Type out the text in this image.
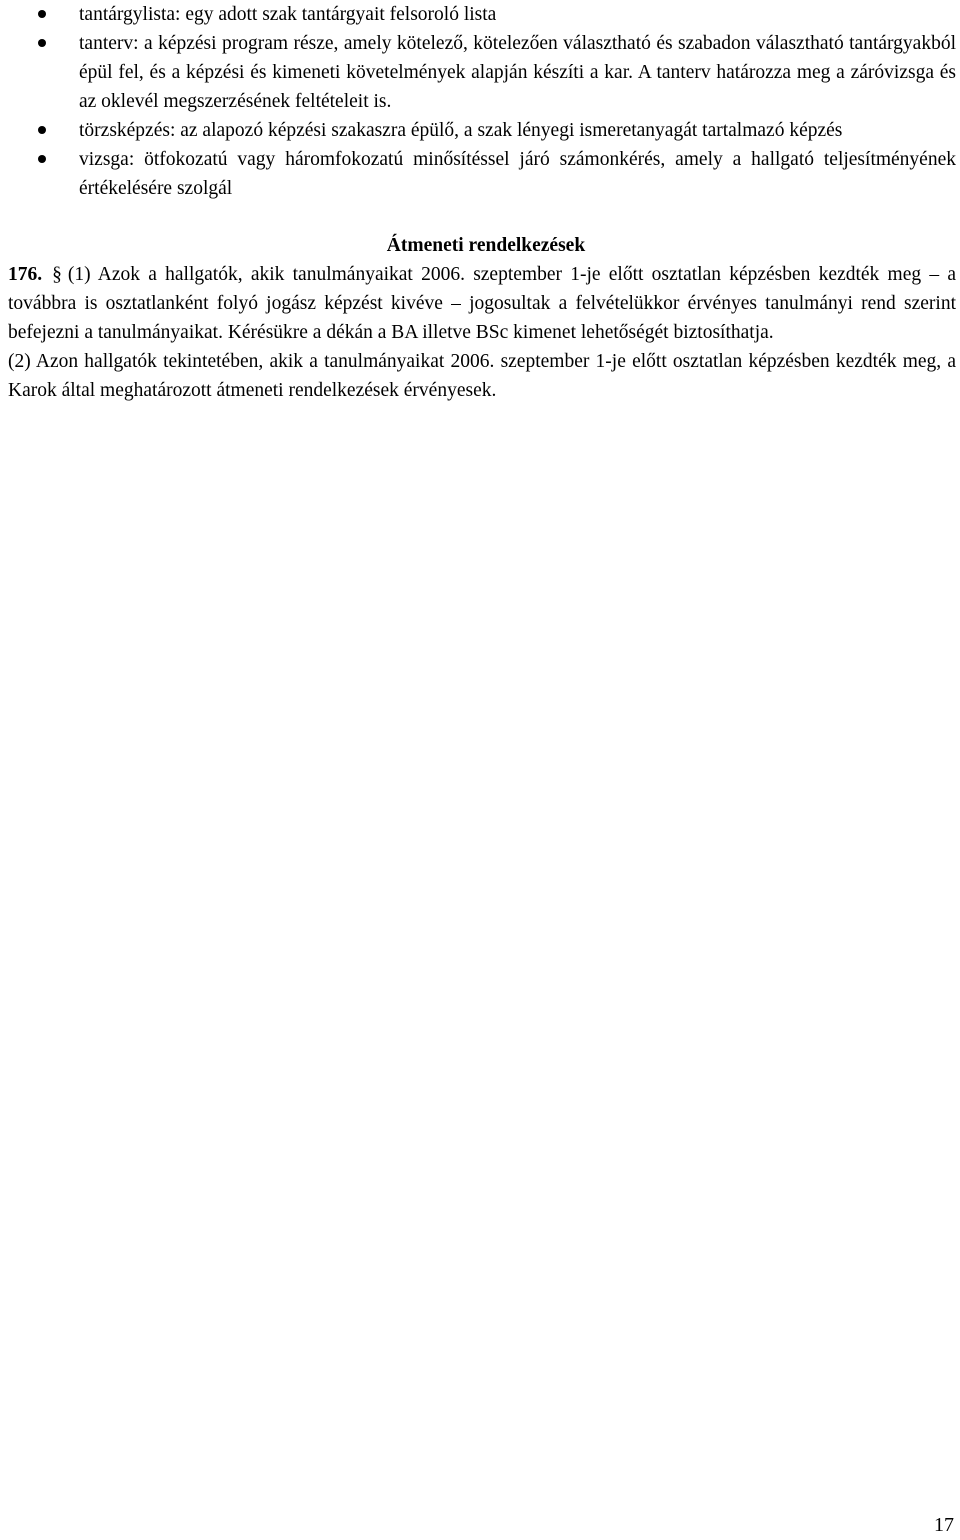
tantárgylista: egy adott szak tantárgyait felsoroló lista
tanterv: a képzési program része, amely kötelező, kötelezően választható és szabadon választható tantárgyakból épül fel, és a képzési és kimeneti követelmények alapján készíti a kar. A tanterv határozza meg a záróvizsga és az oklevél megszerzésének feltételeit is.
törzsképzés: az alapozó képzési szakaszra épülő, a szak lényegi ismeretanyagát tartalmazó képzés
vizsga: ötfokozatú vagy háromfokozatú minősítéssel járó számonkérés, amely a hallgató teljesítményének értékelésére szolgál
Átmeneti rendelkezések

176. § (1) Azok a hallgatók, akik tanulmányaikat 2006. szeptember 1-je előtt osztatlan képzésben kezdték meg – a továbbra is osztatlanként folyó jogász képzést kivéve – jogosultak a felvételükkor érvényes tanulmányi rend szerint befejezni a tanulmányaikat. Kérésükre a dékán a BA illetve BSc kimenet lehetőségét biztosíthatja.

(2) Azon hallgatók tekintetében, akik a tanulmányaikat 2006. szeptember 1-je előtt osztatlan képzésben kezdték meg, a Karok által meghatározott átmeneti rendelkezések érvényesek.

17
